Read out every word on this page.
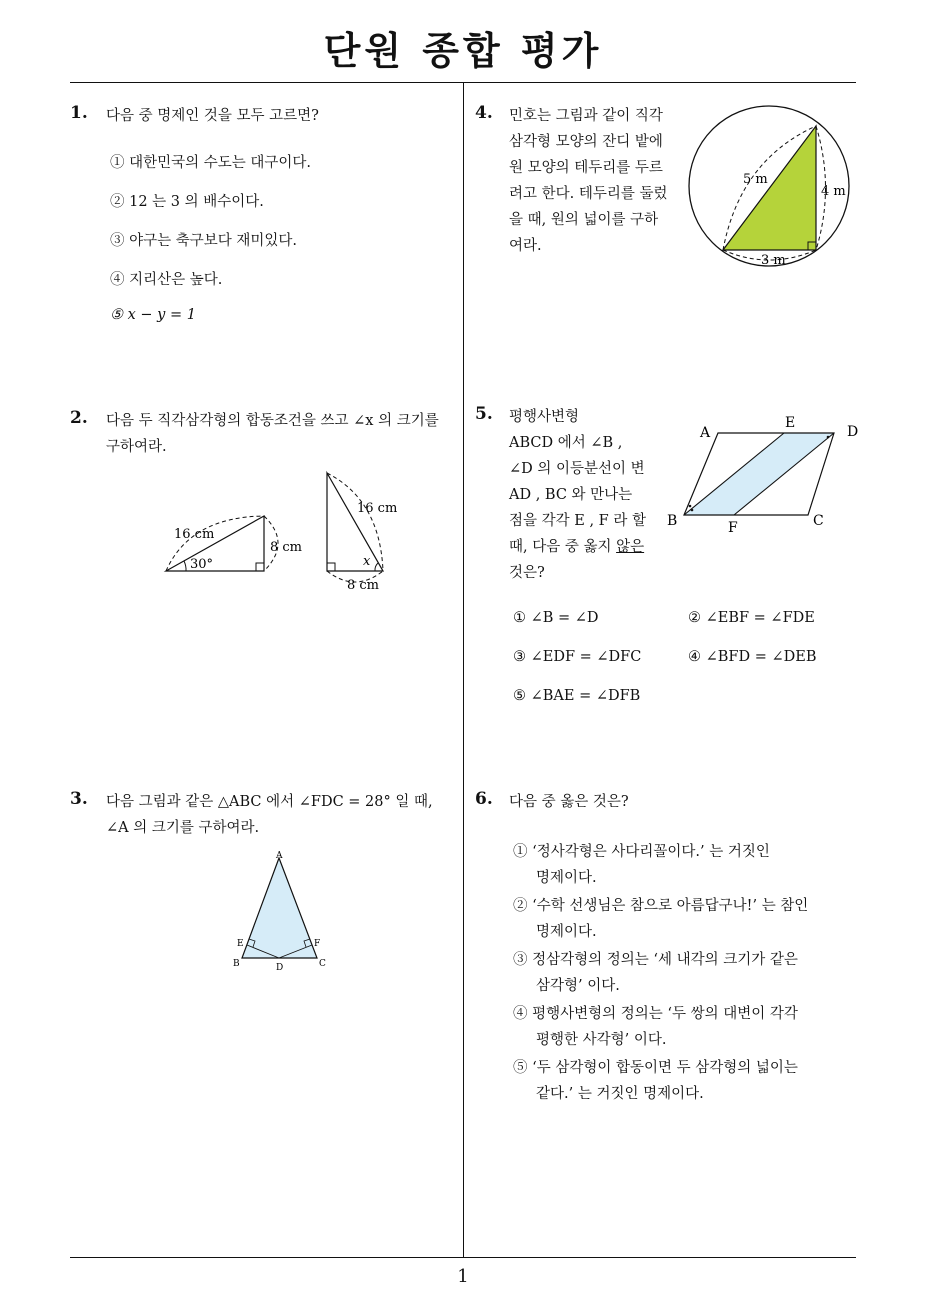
단원 종합 평가
1
1. 다음 중 명제인 것을 모두 고르면?
① 대한민국의 수도는 대구이다.
② 12 는 3 의 배수이다.
③ 야구는 축구보다 재미있다.
④ 지리산은 높다.
⑤ x − y = 1
2. 다음 두 직각삼각형의 합동조건을 쓰고 ∠x 의 크기를 구하여라.
16 cm
8 cm
30°
16 cm
8 cm
x
3. 다음 그림과 같은 △ABC 에서 ∠FDC = 28° 일 때,
∠A 의 크기를 구하여라.
A
B	C
D
E	F
4. 민호는 그림과 같이 직각
삼각형 모양의 잔디 밭에
원 모양의 테두리를 두르
려고 한다. 테두리를 둘렀
을 때, 원의 넓이를 구하
여라.
5 m
4 m
3 m
5. 평행사변형
ABCD 에서 ∠B ,
∠D 의 이등분선이 변
AD , BC 와 만나는
점을 각각 E , F 라 할
때, 다음 중 옳지 않은
것은?
① ∠B = ∠D	② ∠EBF = ∠FDE
③ ∠EDF = ∠DFC	④ ∠BFD = ∠DEB
⑤ ∠BAE = ∠DFB
A
B	C
D
E
F
6. 다음 중 옳은 것은?
① ‘정사각형은 사다리꼴이다.’ 는 거짓인
명제이다.
② ‘수학 선생님은 참으로 아름답구나!’ 는 참인
명제이다.
③ 정삼각형의 정의는 ‘세 내각의 크기가 같은
삼각형’ 이다.
④ 평행사변형의 정의는 ‘두 쌍의 대변이 각각
평행한 사각형’ 이다.
⑤ ‘두 삼각형이 합동이면 두 삼각형의 넓이는
같다.’ 는 거짓인 명제이다.
